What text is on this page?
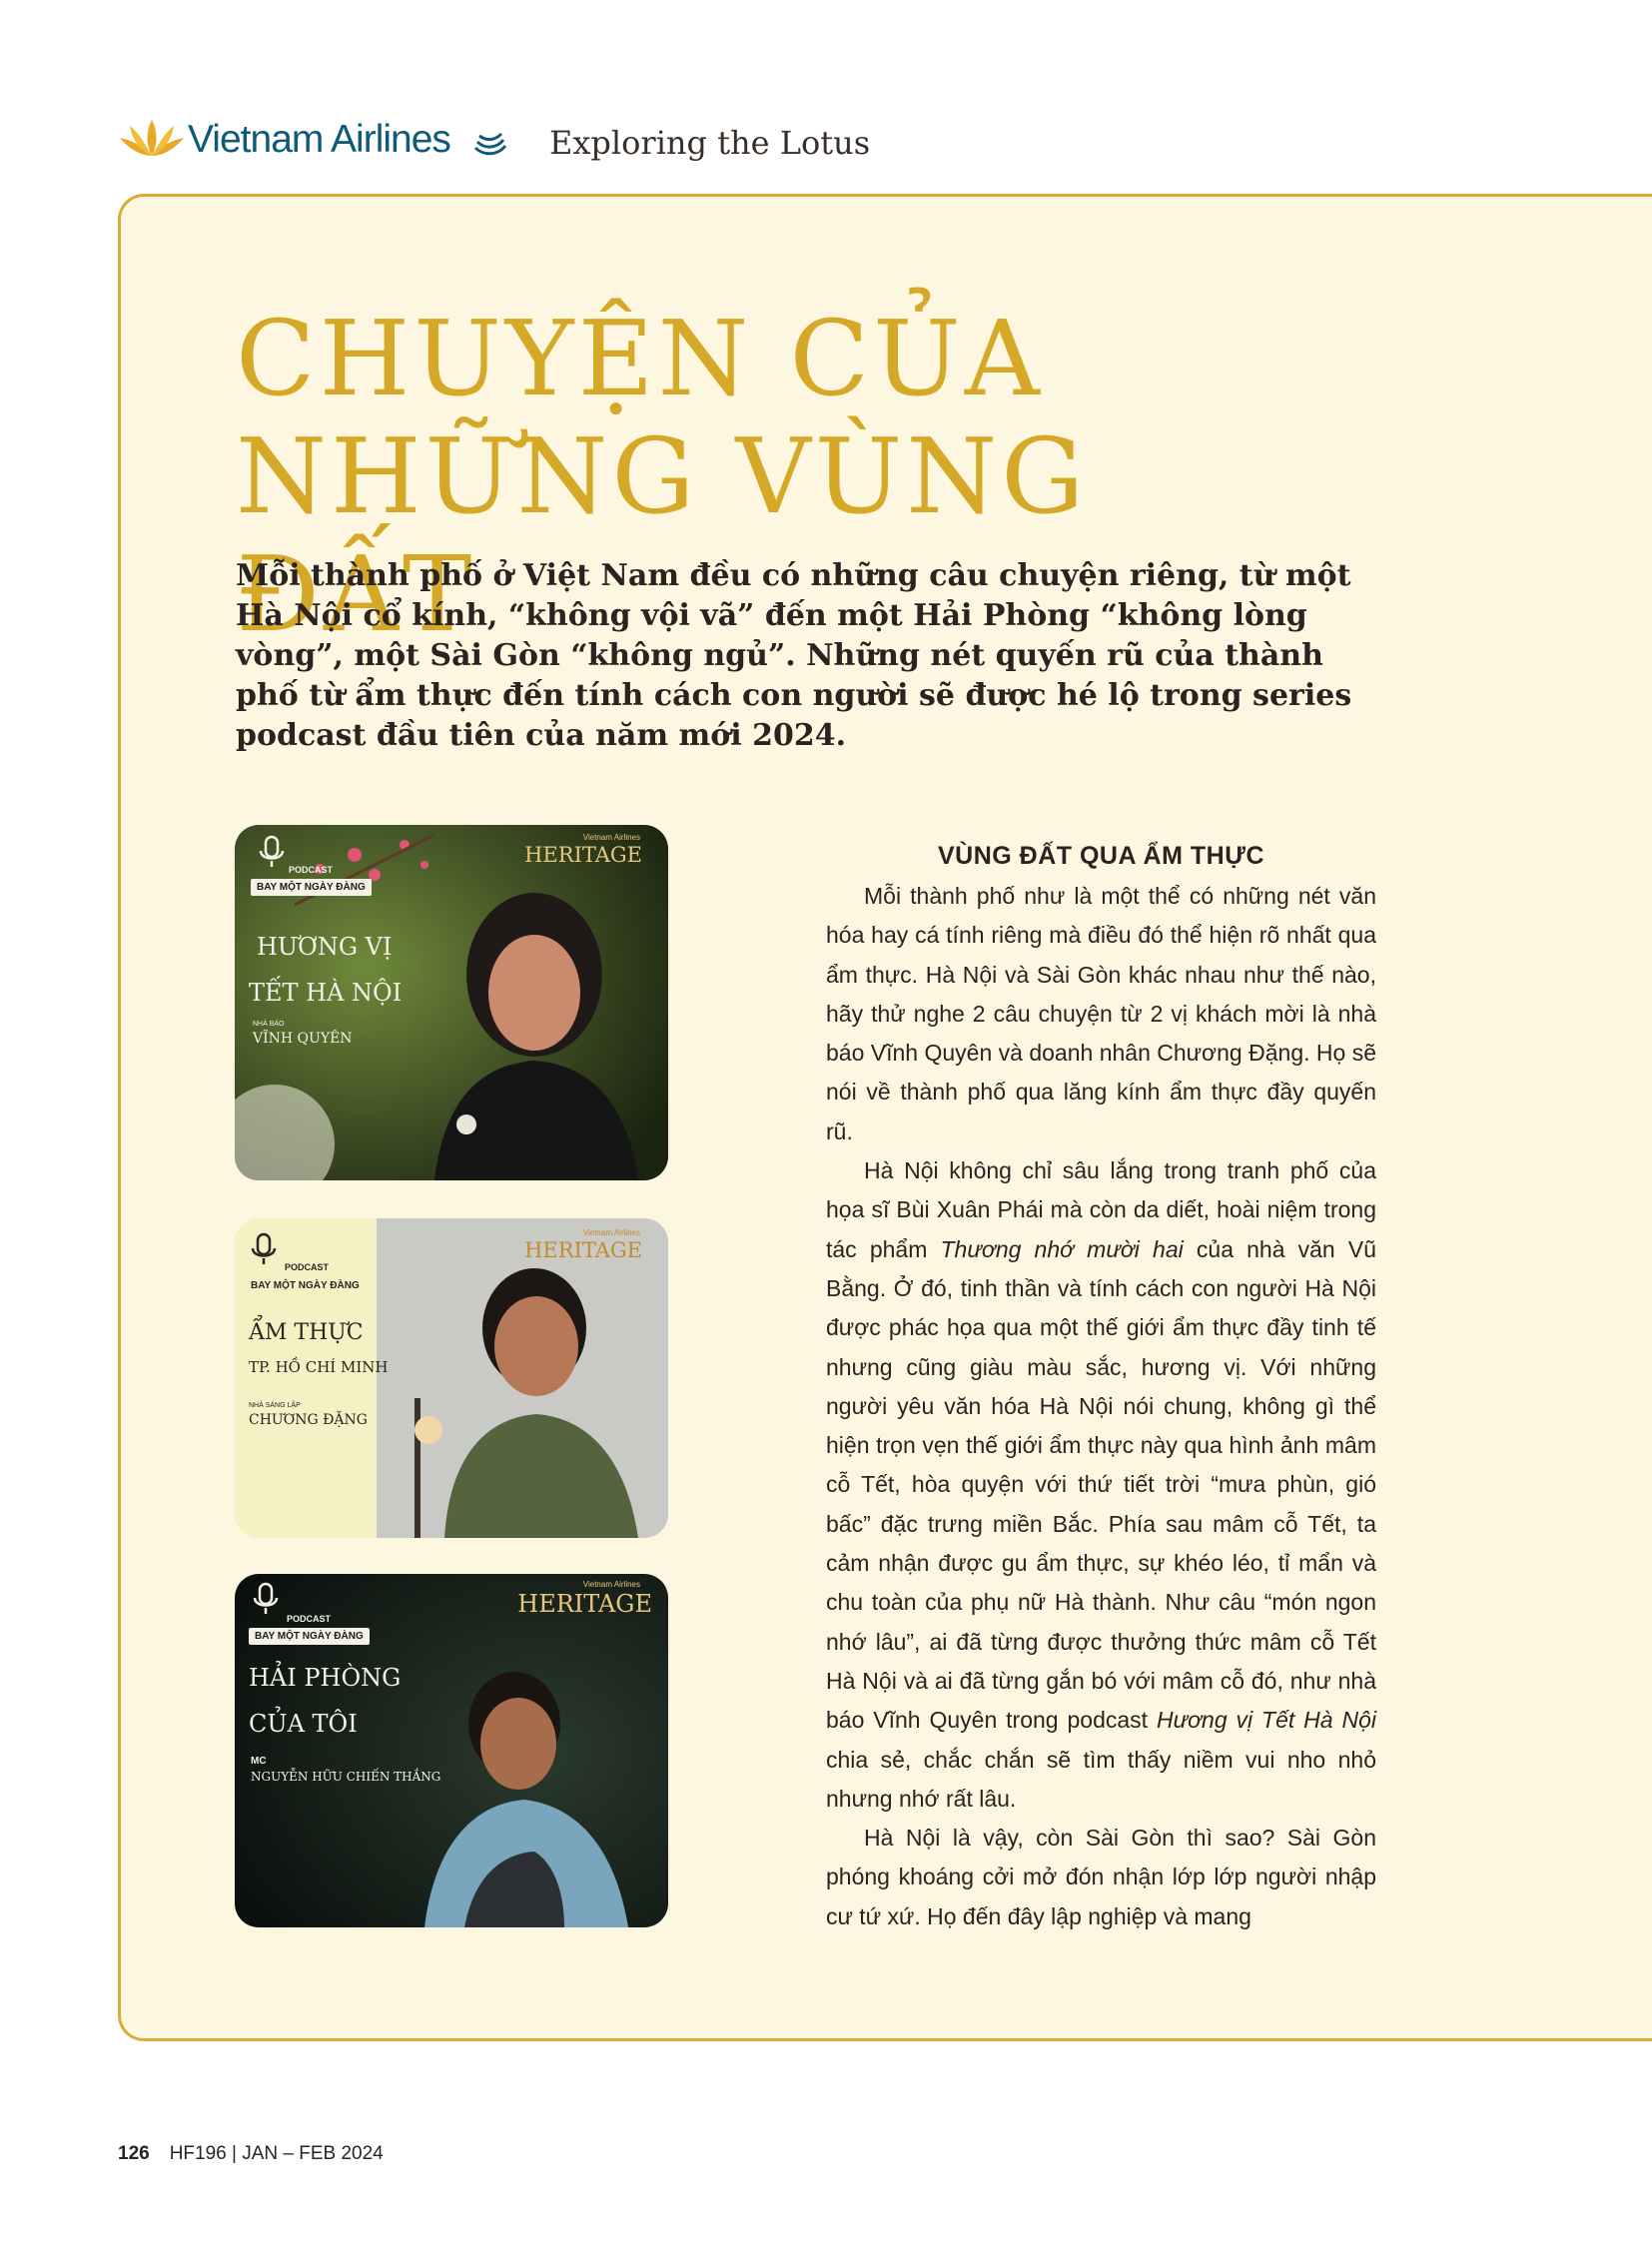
Vietnam Airlines	Exploring the Lotus
CHUYỆN CỦA
NHỮNG VÙNG ĐẤT

Mỗi thành phố ở Việt Nam đều có những câu chuyện riêng, từ một Hà Nội cổ kính, “không vội vã” đến một Hải Phòng “không lòng vòng”, một Sài Gòn “không ngủ”. Những nét quyến rũ của thành phố từ ẩm thực đến tính cách con người sẽ được hé lộ trong series podcast đầu tiên của năm mới 2024.

PODCAST
BAY MỘT NGÀY ĐÀNG
HƯƠNG VỊ
TẾT HÀ NỘI
NHÀ BÁO
VĨNH QUYÊN
Vietnam Airlines
HERITAGE
PODCAST
BAY MỘT NGÀY ĐÀNG
ẨM THỰC
TP. HỒ CHÍ MINH
NHÀ SÁNG LẬP
CHƯƠNG ĐẶNG
Vietnam Airlines
HERITAGE
PODCAST
BAY MỘT NGÀY ĐÀNG
HẢI PHÒNG
CỦA TÔI
MC
NGUYỄN HỮU CHIẾN THẮNG
Vietnam Airlines
HERITAGE
VÙNG ĐẤT QUA ẨM THỰC

Mỗi thành phố như là một thể có những nét văn hóa hay cá tính riêng mà điều đó thể hiện rõ nhất qua ẩm thực. Hà Nội và Sài Gòn khác nhau như thế nào, hãy thử nghe 2 câu chuyện từ 2 vị khách mời là nhà báo Vĩnh Quyên và doanh nhân Chương Đặng. Họ sẽ nói về thành phố qua lăng kính ẩm thực đầy quyến rũ.

Hà Nội không chỉ sâu lắng trong tranh phố của họa sĩ Bùi Xuân Phái mà còn da diết, hoài niệm trong tác phẩm Thương nhớ mười hai của nhà văn Vũ Bằng. Ở đó, tinh thần và tính cách con người Hà Nội được phác họa qua một thế giới ẩm thực đầy tinh tế nhưng cũng giàu màu sắc, hương vị. Với những người yêu văn hóa Hà Nội nói chung, không gì thể hiện trọn vẹn thế giới ẩm thực này qua hình ảnh mâm cỗ Tết, hòa quyện với thứ tiết trời “mưa phùn, gió bấc” đặc trưng miền Bắc. Phía sau mâm cỗ Tết, ta cảm nhận được gu ẩm thực, sự khéo léo, tỉ mẩn và chu toàn của phụ nữ Hà thành. Như câu “món ngon nhớ lâu”, ai đã từng được thưởng thức mâm cỗ Tết Hà Nội và ai đã từng gắn bó với mâm cỗ đó, như nhà báo Vĩnh Quyên trong podcast Hương vị Tết Hà Nội chia sẻ, chắc chắn sẽ tìm thấy niềm vui nho nhỏ nhưng nhớ rất lâu.

Hà Nội là vậy, còn Sài Gòn thì sao? Sài Gòn phóng khoáng cởi mở đón nhận lớp lớp người nhập cư tứ xứ. Họ đến đây lập nghiệp và mang

126 HF196 | JAN – FEB 2024
